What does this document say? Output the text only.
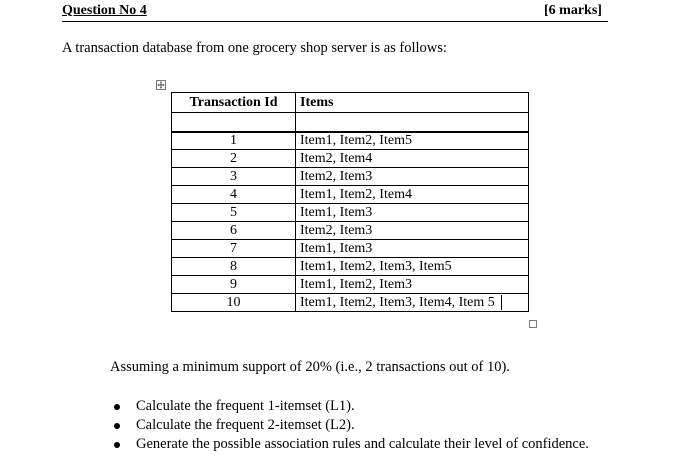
Question No 4	[6 marks]
A transaction database from one grocery shop server is as follows:
Transaction Id	Items

1	Item1, Item2, Item5
2	Item2, Item4
3	Item2, Item3
4	Item1, Item2, Item4
5	Item1, Item3
6	Item2, Item3
7	Item1, Item3
8	Item1, Item2, Item3, Item5
9	Item1, Item2, Item3
10	Item1, Item2, Item3, Item4, Item 5
Assuming a minimum support of 20% (i.e., 2 transactions out of 10).
Calculate the frequent 1-itemset (L1).
Calculate the frequent 2-itemset (L2).
Generate the possible association rules and calculate their level of confidence.
